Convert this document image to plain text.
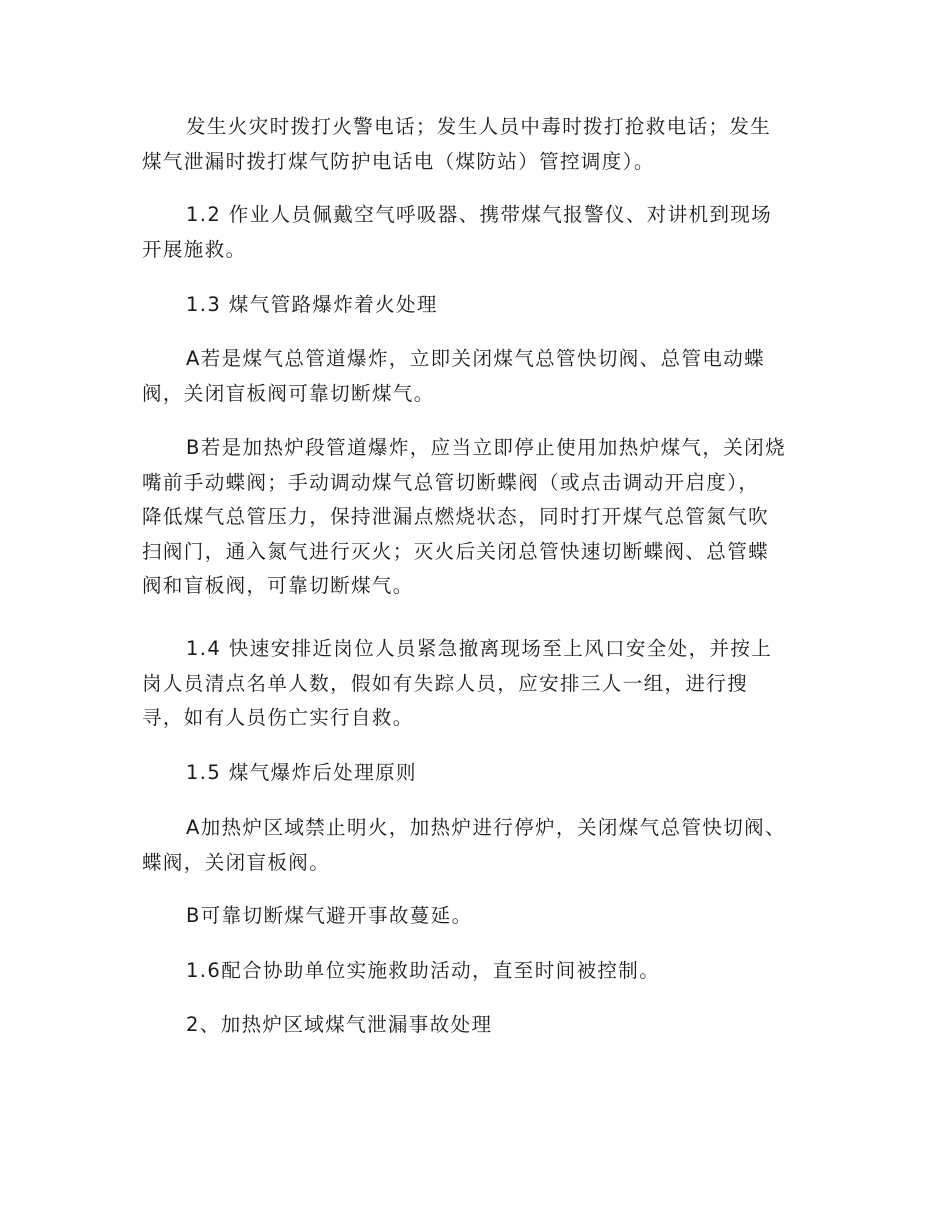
发生火灾时拨打火警电话；发生人员中毒时拨打抢救电话；发生
煤气泄漏时拨打煤气防护电话电（煤防站）管控调度）。

1.2 作业人员佩戴空气呼吸器、携带煤气报警仪、对讲机到现场
开展施救。

1.3 煤气管路爆炸着火处理

A若是煤气总管道爆炸，立即关闭煤气总管快切阀、总管电动蝶
阀，关闭盲板阀可靠切断煤气。

B若是加热炉段管道爆炸，应当立即停止使用加热炉煤气，关闭烧
嘴前手动蝶阀；手动调动煤气总管切断蝶阀（或点击调动开启度），
降低煤气总管压力，保持泄漏点燃烧状态，同时打开煤气总管氮气吹
扫阀门，通入氮气进行灭火；灭火后关闭总管快速切断蝶阀、总管蝶
阀和盲板阀，可靠切断煤气。

1.4 快速安排近岗位人员紧急撤离现场至上风口安全处，并按上
岗人员清点名单人数，假如有失踪人员，应安排三人一组，进行搜
寻，如有人员伤亡实行自救。

1.5 煤气爆炸后处理原则

A加热炉区域禁止明火，加热炉进行停炉，关闭煤气总管快切阀、
蝶阀，关闭盲板阀。

B可靠切断煤气避开事故蔓延。

1.6配合协助单位实施救助活动，直至时间被控制。

2、加热炉区域煤气泄漏事故处理
